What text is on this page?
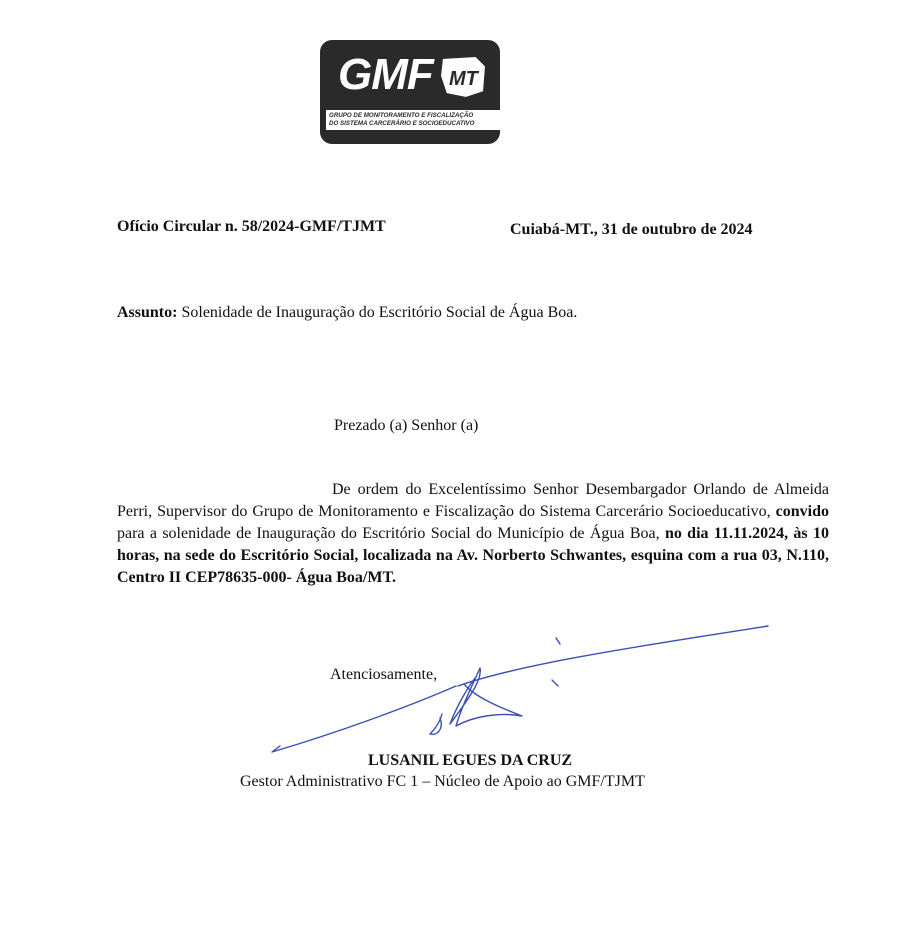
GMF MT
GRUPO DE MONITORAMENTO E FISCALIZAÇÃO
DO SISTEMA CARCERÁRIO E SOCIOEDUCATIVO
Ofício Circular n. 58/2024-GMF/TJMT	Cuiabá-MT., 31 de outubro de 2024
Assunto: Solenidade de Inauguração do Escritório Social de Água Boa.
Prezado (a) Senhor (a)
De ordem do Excelentíssimo Senhor Desembargador Orlando de Almeida Perri, Supervisor do Grupo de Monitoramento e Fiscalização do Sistema Carcerário Socioeducativo, convido para a solenidade de Inauguração do Escritório Social do Município de Água Boa, no dia 11.11.2024, às 10 horas, na sede do Escritório Social, localizada na Av. Norberto Schwantes, esquina com a rua 03, N.110, Centro II CEP78635-000- Água Boa/MT.
Atenciosamente,
LUSANIL EGUES DA CRUZ
Gestor Administrativo FC 1 – Núcleo de Apoio ao GMF/TJMT
